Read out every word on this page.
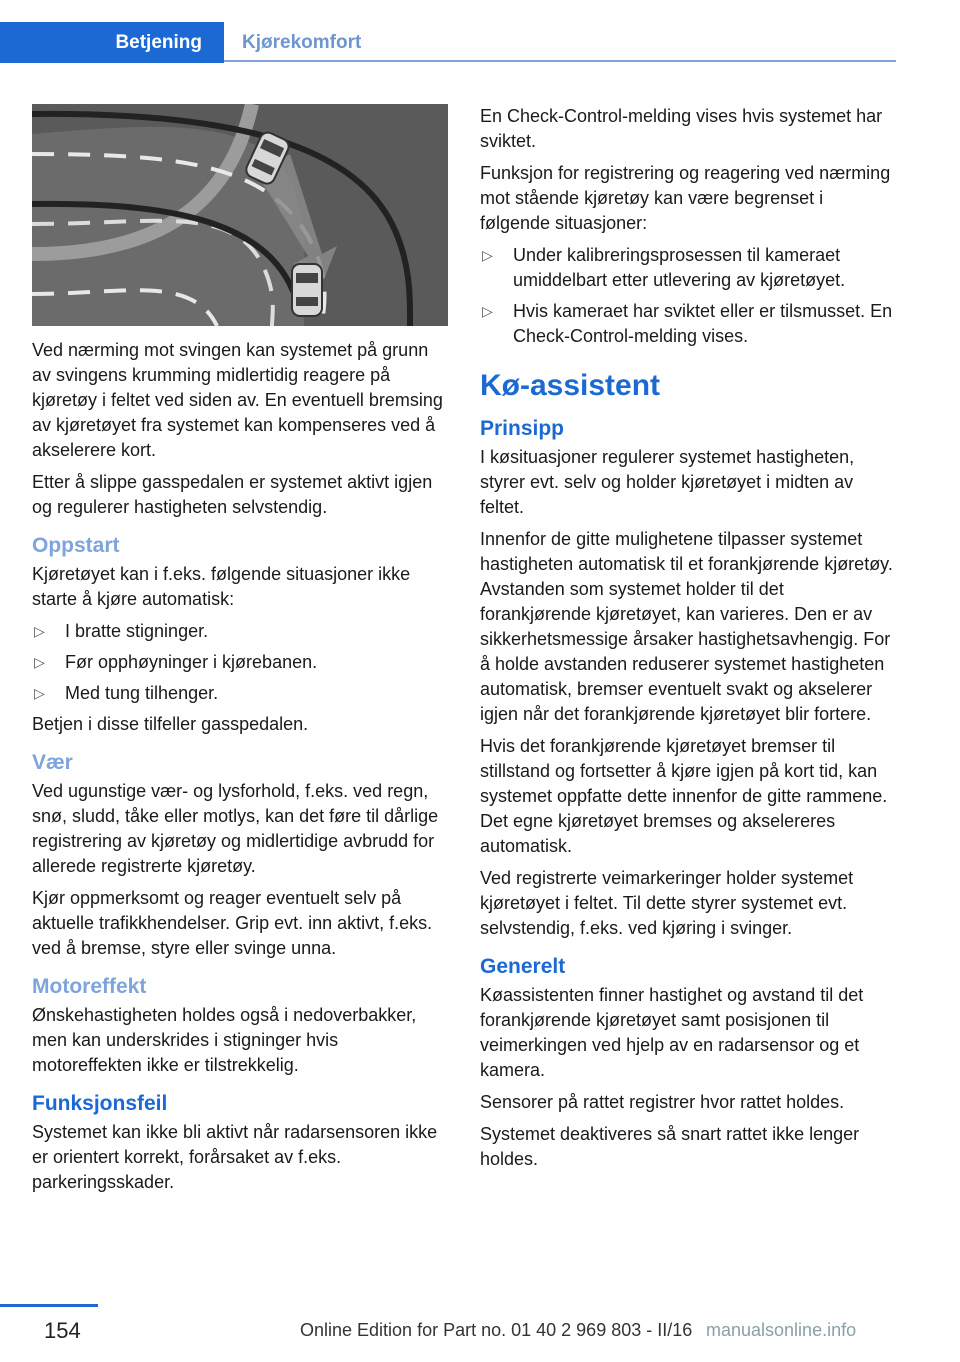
Betjening	Kjørekomfort

Ved nærming mot svingen kan systemet på grunn av svingens krumming midlertidig reagere på kjøretøy i feltet ved siden av. En eventuell bremsing av kjøretøyet fra systemet kan kompenseres ved å akselerere kort.

Etter å slippe gasspedalen er systemet aktivt igjen og regulerer hastigheten selvstendig.

Oppstart

Kjøretøyet kan i f.eks. følgende situasjoner ikke starte å kjøre automatisk:

▷ I bratte stigninger.
▷ Før opphøyninger i kjørebanen.
▷ Med tung tilhenger.

Betjen i disse tilfeller gasspedalen.

Vær

Ved ugunstige vær- og lysforhold, f.eks. ved regn, snø, sludd, tåke eller motlys, kan det føre til dårlige registrering av kjøretøy og midlertidige avbrudd for allerede registrerte kjøretøy.

Kjør oppmerksomt og reager eventuelt selv på aktuelle trafikkhendelser. Grip evt. inn aktivt, f.eks. ved å bremse, styre eller svinge unna.

Motoreffekt

Ønskehastigheten holdes også i nedoverbakker, men kan underskrides i stigninger hvis motoreffekten ikke er tilstrekkelig.

Funksjonsfeil

Systemet kan ikke bli aktivt når radarsensoren ikke er orientert korrekt, forårsaket av f.eks. parkeringsskader.

En Check-Control-melding vises hvis systemet har sviktet.

Funksjon for registrering og reagering ved nærming mot stående kjøretøy kan være begrenset i følgende situasjoner:

▷ Under kalibreringsprosessen til kameraet umiddelbart etter utlevering av kjøretøyet.
▷ Hvis kameraet har sviktet eller er tilsmusset. En Check-Control-melding vises.
Kø-assistent
Prinsipp

I køsituasjoner regulerer systemet hastigheten, styrer evt. selv og holder kjøretøyet i midten av feltet.

Innenfor de gitte mulighetene tilpasser systemet hastigheten automatisk til et forankjørende kjøretøy. Avstanden som systemet holder til det forankjørende kjøretøyet, kan varieres. Den er av sikkerhetsmessige årsaker hastighetsavhengig. For å holde avstanden reduserer systemet hastigheten automatisk, bremser eventuelt svakt og akselerer igjen når det forankjørende kjøretøyet blir fortere.

Hvis det forankjørende kjøretøyet bremser til stillstand og fortsetter å kjøre igjen på kort tid, kan systemet oppfatte dette innenfor de gitte rammene. Det egne kjøretøyet bremses og akselereres automatisk.

Ved registrerte veimarkeringer holder systemet kjøretøyet i feltet. Til dette styrer systemet evt. selvstendig, f.eks. ved kjøring i svinger.

Generelt

Køassistenten finner hastighet og avstand til det forankjørende kjøretøyet samt posisjonen til veimerkingen ved hjelp av en radarsensor og et kamera.

Sensorer på rattet registrer hvor rattet holdes.

Systemet deaktiveres så snart rattet ikke lenger holdes.

154	Online Edition for Part no. 01 40 2 969 803 - II/16 manualsonline.info
